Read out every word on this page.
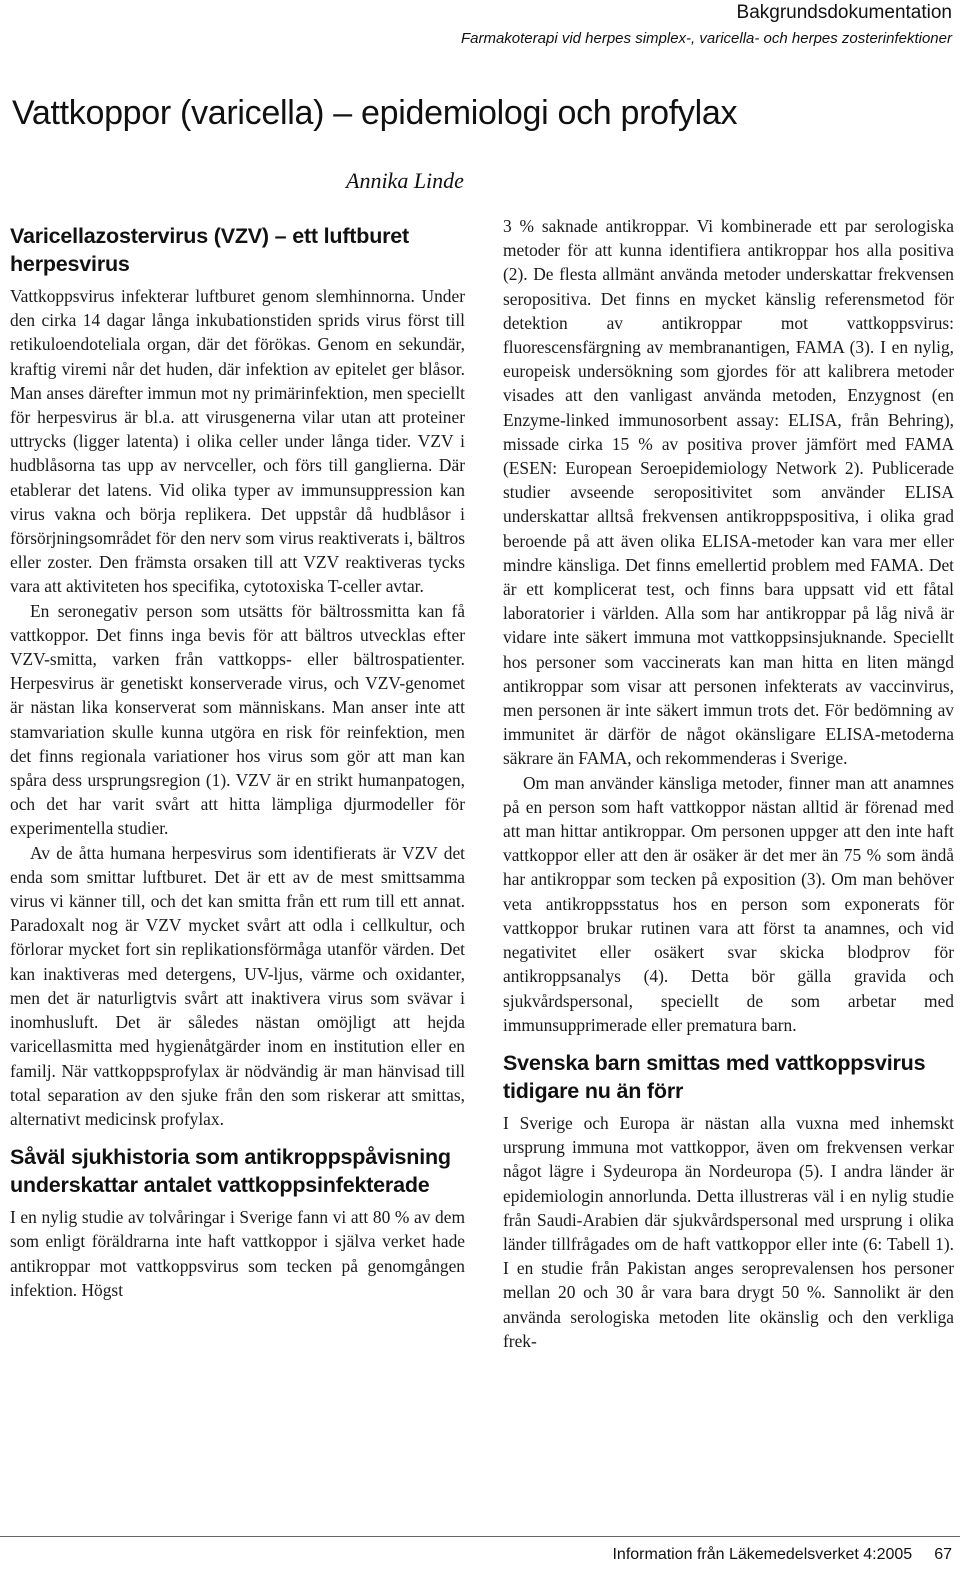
Bakgrundsdokumentation
Farmakoterapi vid herpes simplex-, varicella- och herpes zosterinfektioner
Vattkoppor (varicella) – epidemiologi och profylax
Annika Linde
Varicellazostervirus (VZV) – ett luftburet herpesvirus

Vattkoppsvirus infekterar luftburet genom slemhinnorna. Under den cirka 14 dagar långa inkubationstiden sprids virus först till retikuloendoteliala organ, där det förökas. Genom en sekundär, kraftig viremi når det huden, där infektion av epitelet ger blåsor. Man anses därefter immun mot ny primärinfektion, men speciellt för herpesvirus är bl.a. att virusgenerna vilar utan att proteiner uttrycks (ligger latenta) i olika celler under långa tider. VZV i hudblåsorna tas upp av nervceller, och förs till ganglierna. Där etablerar det latens. Vid olika typer av immunsuppression kan virus vakna och börja replikera. Det uppstår då hudblåsor i försörjningsområdet för den nerv som virus reaktiverats i, bältros eller zoster. Den främsta orsaken till att VZV reaktiveras tycks vara att aktiviteten hos specifika, cytotoxiska T-celler avtar.

En seronegativ person som utsätts för bältrossmitta kan få vattkoppor. Det finns inga bevis för att bältros utvecklas efter VZV-smitta, varken från vattkopps- eller bältrospatienter. Herpesvirus är genetiskt konserverade virus, och VZV-genomet är nästan lika konserverat som människans. Man anser inte att stamvariation skulle kunna utgöra en risk för reinfektion, men det finns regionala variationer hos virus som gör att man kan spåra dess ursprungsregion (1). VZV är en strikt humanpatogen, och det har varit svårt att hitta lämpliga djurmodeller för experimentella studier.

Av de åtta humana herpesvirus som identifierats är VZV det enda som smittar luftburet. Det är ett av de mest smittsamma virus vi känner till, och det kan smitta från ett rum till ett annat. Paradoxalt nog är VZV mycket svårt att odla i cellkultur, och förlorar mycket fort sin replikationsförmåga utanför värden. Det kan inaktiveras med detergens, UV-ljus, värme och oxidanter, men det är naturligtvis svårt att inaktivera virus som svävar i inomhusluft. Det är således nästan omöjligt att hejda varicellasmitta med hygienåtgärder inom en institution eller en familj. När vattkoppsprofylax är nödvändig är man hänvisad till total separation av den sjuke från den som riskerar att smittas, alternativt medicinsk profylax.

Såväl sjukhistoria som antikroppspåvisning underskattar antalet vattkoppsinfekterade

I en nylig studie av tolvåringar i Sverige fann vi att 80 % av dem som enligt föräldrarna inte haft vattkoppor i själva verket hade antikroppar mot vattkoppsvirus som tecken på genomgången infektion. Högst

3 % saknade antikroppar. Vi kombinerade ett par serologiska metoder för att kunna identifiera antikroppar hos alla positiva (2). De flesta allmänt använda metoder underskattar frekvensen seropositiva. Det finns en mycket känslig referensmetod för detektion av antikroppar mot vattkoppsvirus: fluorescensfärgning av membranantigen, FAMA (3). I en nylig, europeisk undersökning som gjordes för att kalibrera metoder visades att den vanligast använda metoden, Enzygnost (en Enzyme-linked immunosorbent assay: ELISA, från Behring), missade cirka 15 % av positiva prover jämfört med FAMA (ESEN: European Seroepidemiology Network 2). Publicerade studier avseende seropositivitet som använder ELISA underskattar alltså frekvensen antikroppspositiva, i olika grad beroende på att även olika ELISA-metoder kan vara mer eller mindre känsliga. Det finns emellertid problem med FAMA. Det är ett komplicerat test, och finns bara uppsatt vid ett fåtal laboratorier i världen. Alla som har antikroppar på låg nivå är vidare inte säkert immuna mot vattkoppsinsjuknande. Speciellt hos personer som vaccinerats kan man hitta en liten mängd antikroppar som visar att personen infekterats av vaccinvirus, men personen är inte säkert immun trots det. För bedömning av immunitet är därför de något okänsligare ELISA-metoderna säkrare än FAMA, och rekommenderas i Sverige.

Om man använder känsliga metoder, finner man att anamnes på en person som haft vattkoppor nästan alltid är förenad med att man hittar antikroppar. Om personen uppger att den inte haft vattkoppor eller att den är osäker är det mer än 75 % som ändå har antikroppar som tecken på exposition (3). Om man behöver veta antikroppsstatus hos en person som exponerats för vattkoppor brukar rutinen vara att först ta anamnes, och vid negativitet eller osäkert svar skicka blodprov för antikroppsanalys (4). Detta bör gälla gravida och sjukvårdspersonal, speciellt de som arbetar med immunsupprimerade eller prematura barn.

Svenska barn smittas med vattkoppsvirus tidigare nu än förr

I Sverige och Europa är nästan alla vuxna med inhemskt ursprung immuna mot vattkoppor, även om frekvensen verkar något lägre i Sydeuropa än Nordeuropa (5). I andra länder är epidemiologin annorlunda. Detta illustreras väl i en nylig studie från Saudi-Arabien där sjukvårdspersonal med ursprung i olika länder tillfrågades om de haft vattkoppor eller inte (6: Tabell 1). I en studie från Pakistan anges seroprevalensen hos personer mellan 20 och 30 år vara bara drygt 50 %. Sannolikt är den använda serologiska metoden lite okänslig och den verkliga frek-

Information från Läkemedelsverket 4:2005 67
